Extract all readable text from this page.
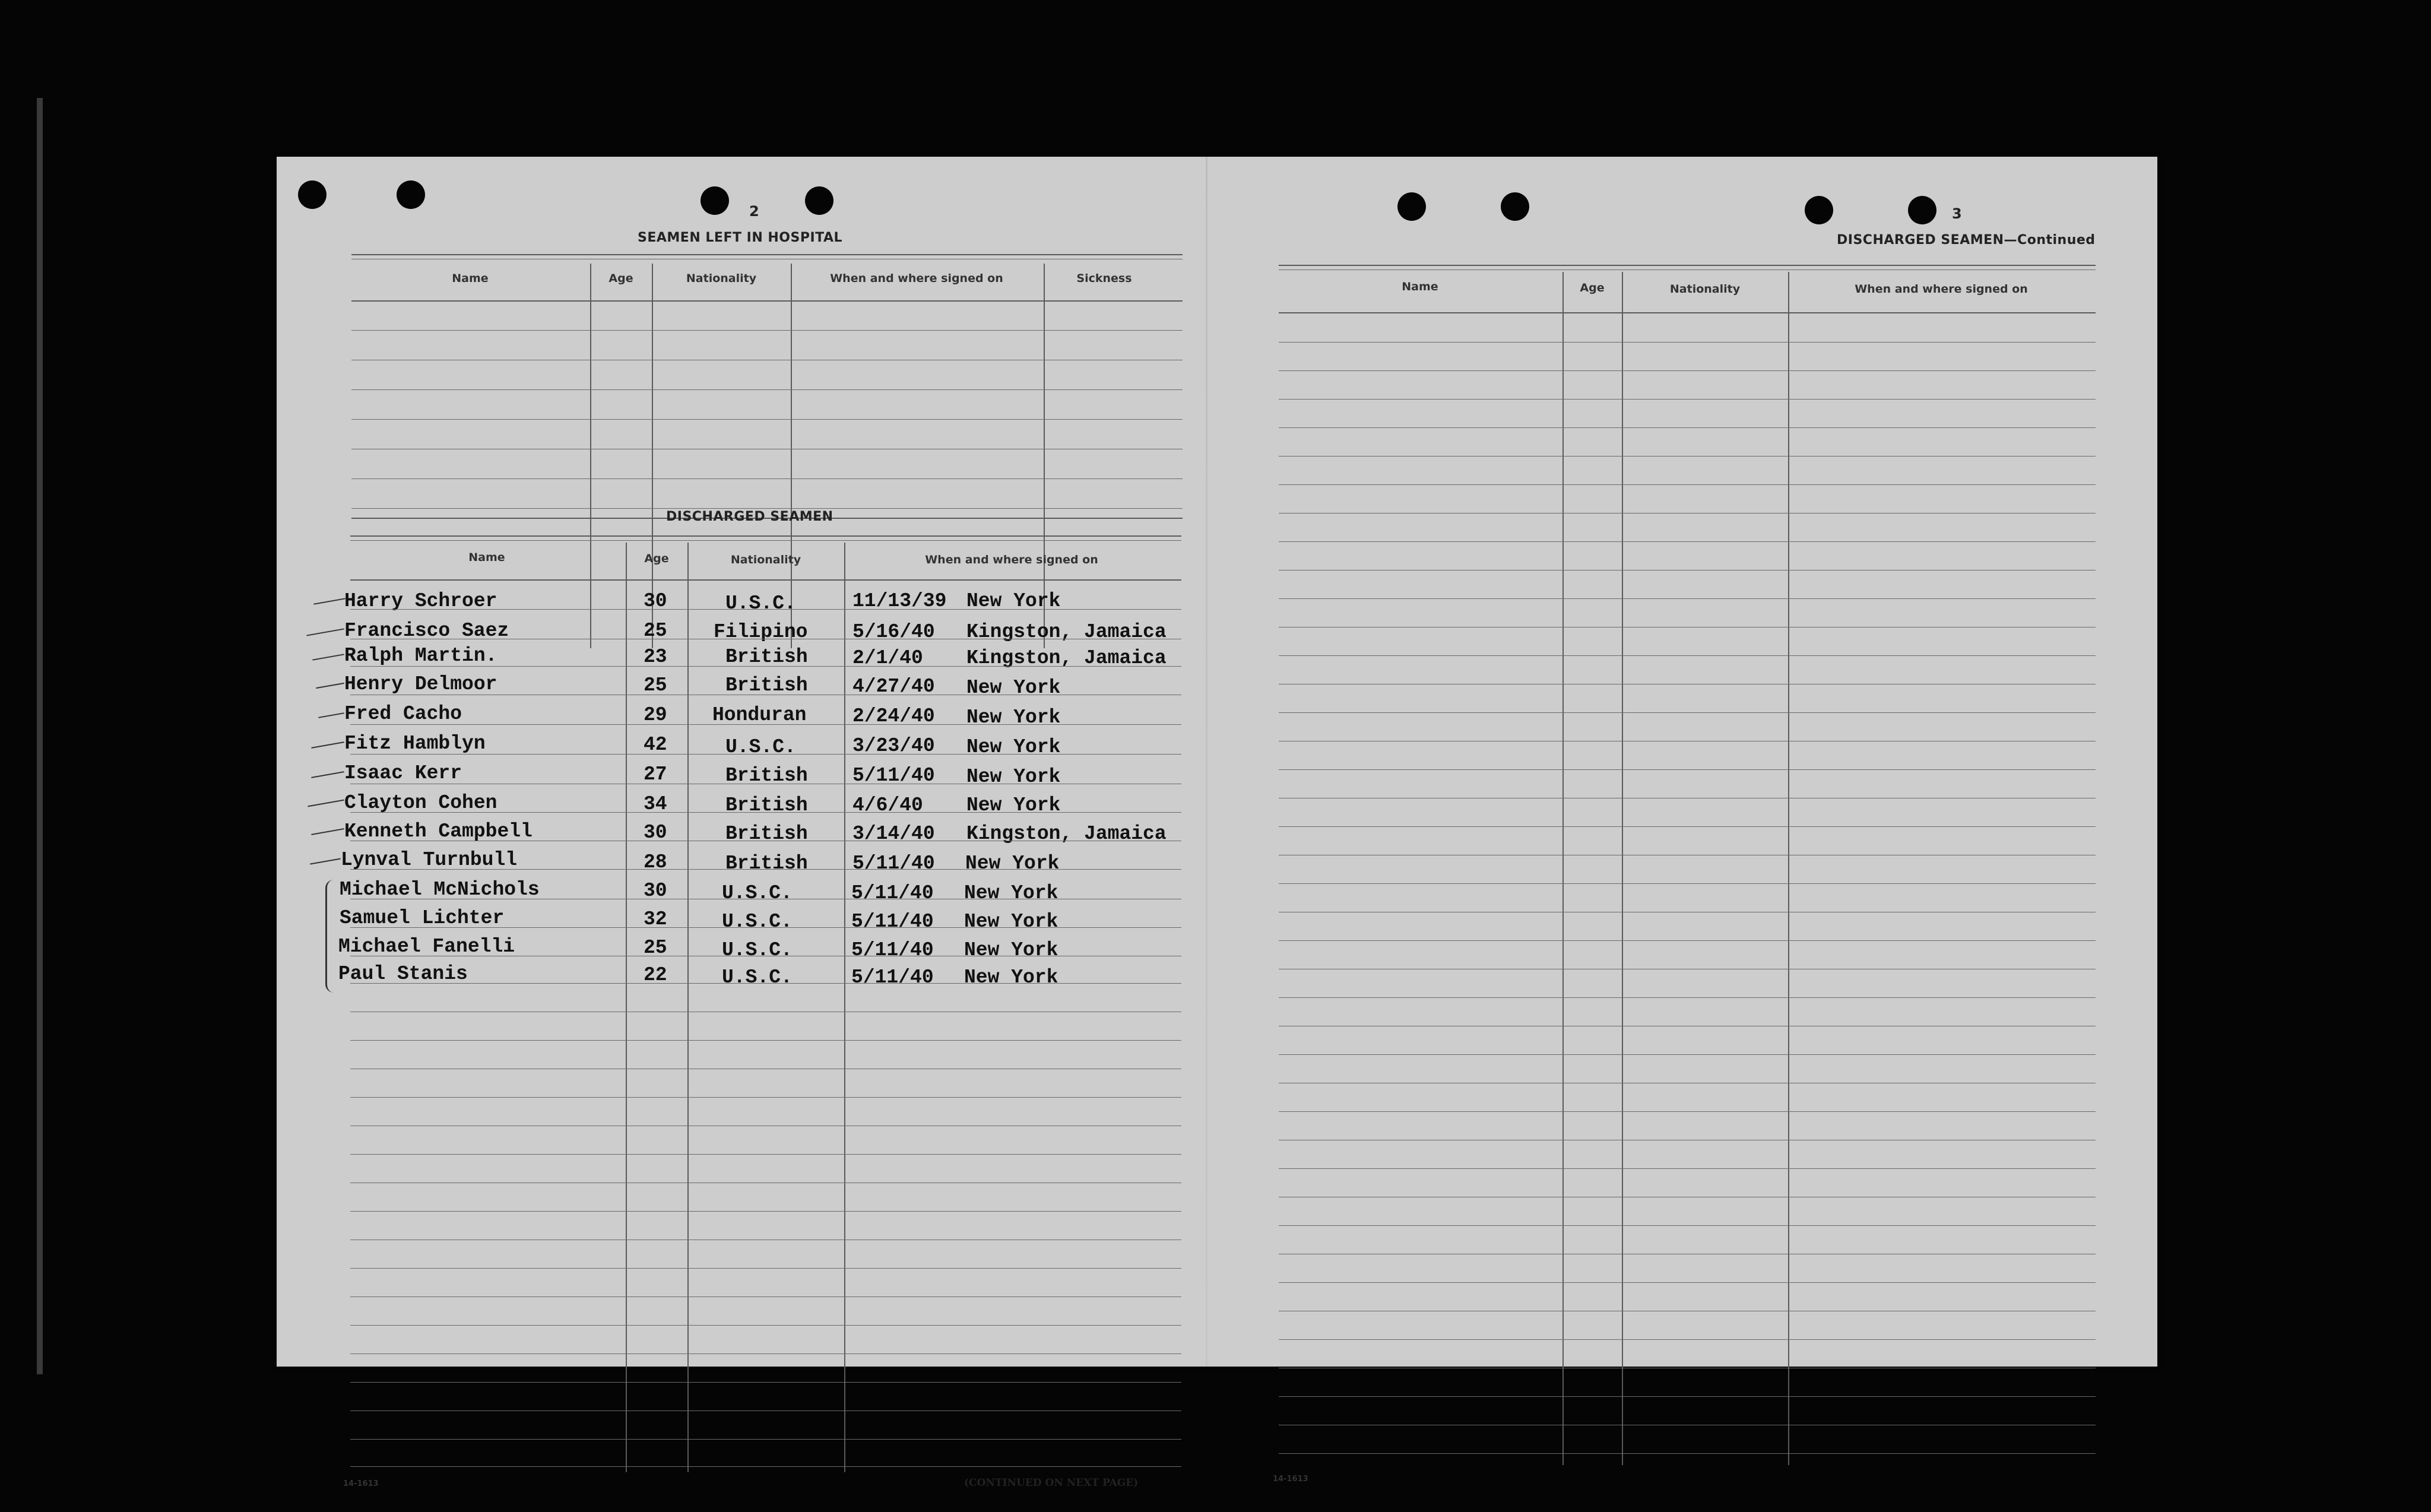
2
SEAMEN LEFT IN HOSPITAL
Name	Age	Nationality	When and where signed on	Sickness
DISCHARGED SEAMEN
Name	Age	Nationality	When and where signed on
Harry Schroer	30	U.S.C.	11/13/39 New York
Francisco Saez	25 Filipino 5/16/40 Kingston, Jamaica
Ralph Martin.	23	British 2/1/40 Kingston, Jamaica
Henry Delmoor	25	British 4/27/40 New York
Fred Cacho	29 Honduran 2/24/40 New York
Fitz Hamblyn	42	U.S.C.	3/23/40 New York
Isaac Kerr	27	British 5/11/40 New York
Clayton Cohen	34	British 4/6/40 New York
Kenneth Campbell	30	British 3/14/40 Kingston, Jamaica
Lynval Turnbull	28	British 5/11/40 New York
Michael McNichols	30	U.S.C.	5/11/40 New York
Samuel Lichter	32	U.S.C.	5/11/40 New York
Michael Fanelli	25	U.S.C.	5/11/40 New York
Paul Stanis	22	U.S.C.	5/11/40 New York
14-1613	(CONTINUED ON NEXT PAGE)
3
DISCHARGED SEAMEN—Continued
Name	Age	Nationality	When and where signed on
14-1613
